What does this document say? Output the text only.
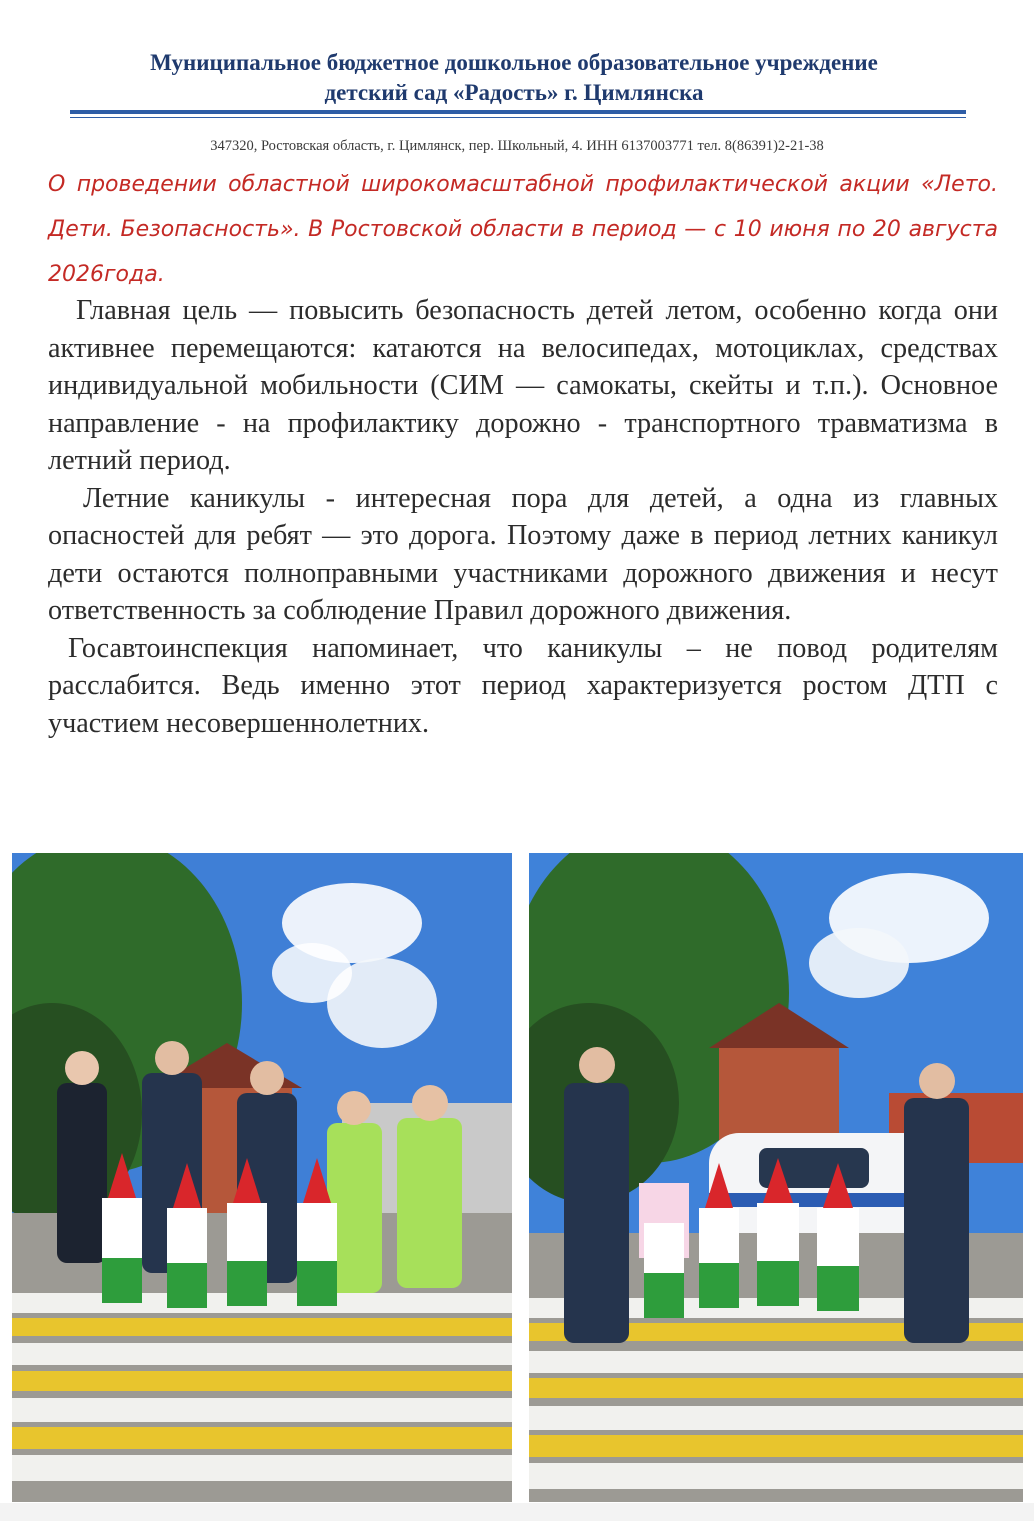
Муниципальное бюджетное дошкольное образовательное учреждение
детский сад «Радость» г. Цимлянска
347320, Ростовская область, г. Цимлянск, пер. Школьный, 4. ИНН 6137003771 тел. 8(86391)2-21-38

О проведении областной широкомасштабной профилактической акции «Лето. Дети. Безопасность». В Ростовской области в период — с 10 июня по 20 августа 2026года.

Главная цель — повысить безопасность детей летом, особенно когда они активнее перемещаются: катаются на велосипедах, мотоциклах, средствах индивидуальной мобильности (СИМ — самокаты, скейты и т.п.). Основное направление - на профилактику дорожно - транспортного травматизма в летний период.

Летние каникулы - интересная пора для детей, а одна из главных опасностей для ребят — это дорога. Поэтому даже в период летних каникул дети остаются полноправными участниками дорожного движения и несут ответственность за соблюдение Правил дорожного движения.

Госавтоинспекция напоминает, что каникулы – не повод родителям расслабится. Ведь именно этот период характеризуется ростом ДТП с участием несовершеннолетних.
